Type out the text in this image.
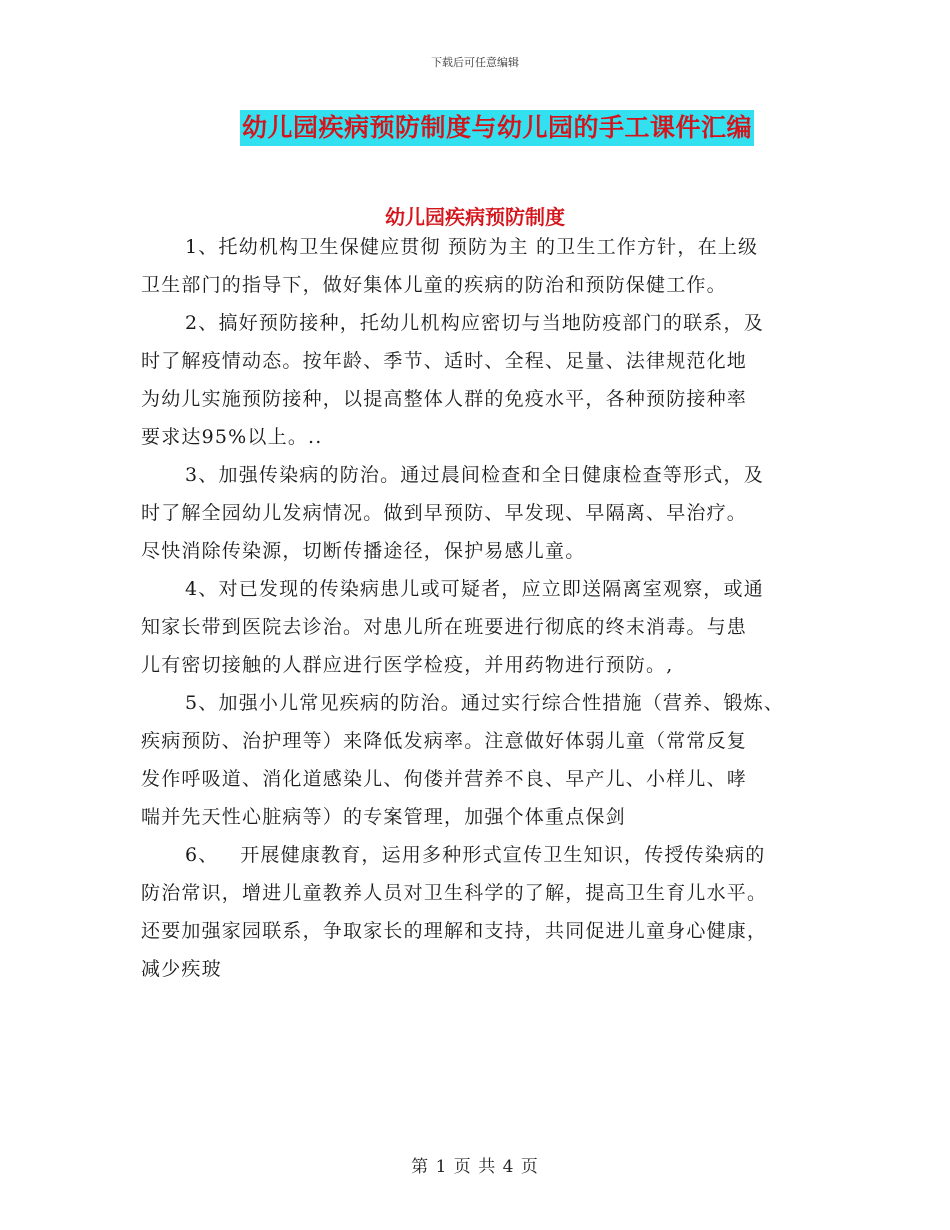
下载后可任意编辑
幼儿园疾病预防制度与幼儿园的手工课件汇编
幼儿园疾病预防制度
1、托幼机构卫生保健应贯彻 预防为主 的卫生工作方针，在上级
卫生部门的指导下，做好集体儿童的疾病的防治和预防保健工作。
2、搞好预防接种，托幼儿机构应密切与当地防疫部门的联系，及
时了解疫情动态。按年龄、季节、适时、全程、足量、法律规范化地
为幼儿实施预防接种，以提高整体人群的免疫水平，各种预防接种率
要求达95%以上。..
3、加强传染病的防治。通过晨间检查和全日健康检查等形式，及
时了解全园幼儿发病情况。做到早预防、早发现、早隔离、早治疗。
尽快消除传染源，切断传播途径，保护易感儿童。
4、对已发现的传染病患儿或可疑者，应立即送隔离室观察，或通
知家长带到医院去诊治。对患儿所在班要进行彻底的终末消毒。与患
儿有密切接触的人群应进行医学检疫，并用药物进行预防。,
5、加强小儿常见疾病的防治。通过实行综合性措施（营养、锻炼、
疾病预防、治护理等）来降低发病率。注意做好体弱儿童（常常反复
发作呼吸道、消化道感染儿、佝偻并营养不良、早产儿、小样儿、哮
喘并先天性心脏病等）的专案管理，加强个体重点保剑
6、   开展健康教育，运用多种形式宣传卫生知识，传授传染病的
防治常识，增进儿童教养人员对卫生科学的了解，提高卫生育儿水平。
还要加强家园联系，争取家长的理解和支持，共同促进儿童身心健康，
减少疾玻
第 1 页 共 4 页
